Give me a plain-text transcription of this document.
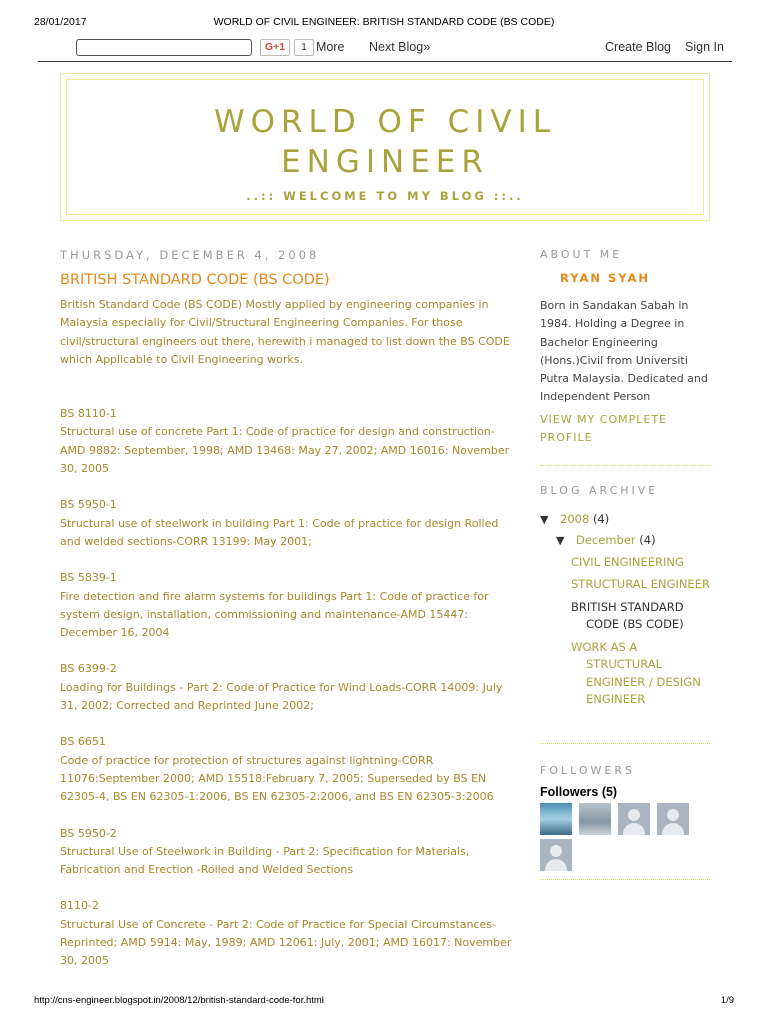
28/01/2017	WORLD OF CIVIL ENGINEER: BRITISH STANDARD CODE (BS CODE)
G+1	1 More Next Blog»	Create Blog Sign In
WORLD OF CIVIL
ENGINEER
..:: WELCOME TO MY BLOG ::..
THURSDAY, DECEMBER 4, 2008
BRITISH STANDARD CODE (BS CODE)

British Standard Code (BS CODE) Mostly applied by engineering companies in Malaysia especially for Civil/Structural Engineering Companies. For those civil/structural engineers out there, herewith i managed to list down the BS CODE which Applicable to Civil Engineering works.

BS 8110-1
Structural use of concrete Part 1: Code of practice for design and construction-AMD 9882: September, 1998; AMD 13468: May 27, 2002; AMD 16016: November 30, 2005

BS 5950-1
Structural use of steelwork in building Part 1: Code of practice for design Rolled and welded sections-CORR 13199: May 2001;

BS 5839-1
Fire detection and fire alarm systems for buildings Part 1: Code of practice for system design, installation, commissioning and maintenance-AMD 15447: December 16, 2004

BS 6399-2
Loading for Buildings - Part 2: Code of Practice for Wind Loads-CORR 14009: July 31, 2002; Corrected and Reprinted June 2002;

BS 6651
Code of practice for protection of structures against lightning-CORR 11076:September 2000; AMD 15518:February 7, 2005; Superseded by BS EN 62305-4, BS EN 62305-1:2006, BS EN 62305-2:2006, and BS EN 62305-3:2006

BS 5950-2
Structural Use of Steelwork in Building - Part 2: Specification for Materials, Fabrication and Erection -Rolled and Welded Sections

8110-2
Structural Use of Concrete - Part 2: Code of Practice for Special Circumstances-Reprinted; AMD 5914: May, 1989; AMD 12061: July, 2001; AMD 16017: November 30, 2005

ABOUT ME
RYAN SYAH
Born in Sandakan Sabah in 1984. Holding a Degree in Bachelor Engineering (Hons.)Civil from Universiti Putra Malaysia. Dedicated and Independent Person
VIEW MY COMPLETE PROFILE
BLOG ARCHIVE
▼ 2008 (4)
▼ December (4)
CIVIL ENGINEERING
STRUCTURAL ENGINEER
BRITISH STANDARD CODE (BS CODE)
WORK AS A STRUCTURAL ENGINEER / DESIGN ENGINEER
FOLLOWERS
Followers (5)

http://cns-engineer.blogspot.in/2008/12/british-standard-code-for.html	1/9
